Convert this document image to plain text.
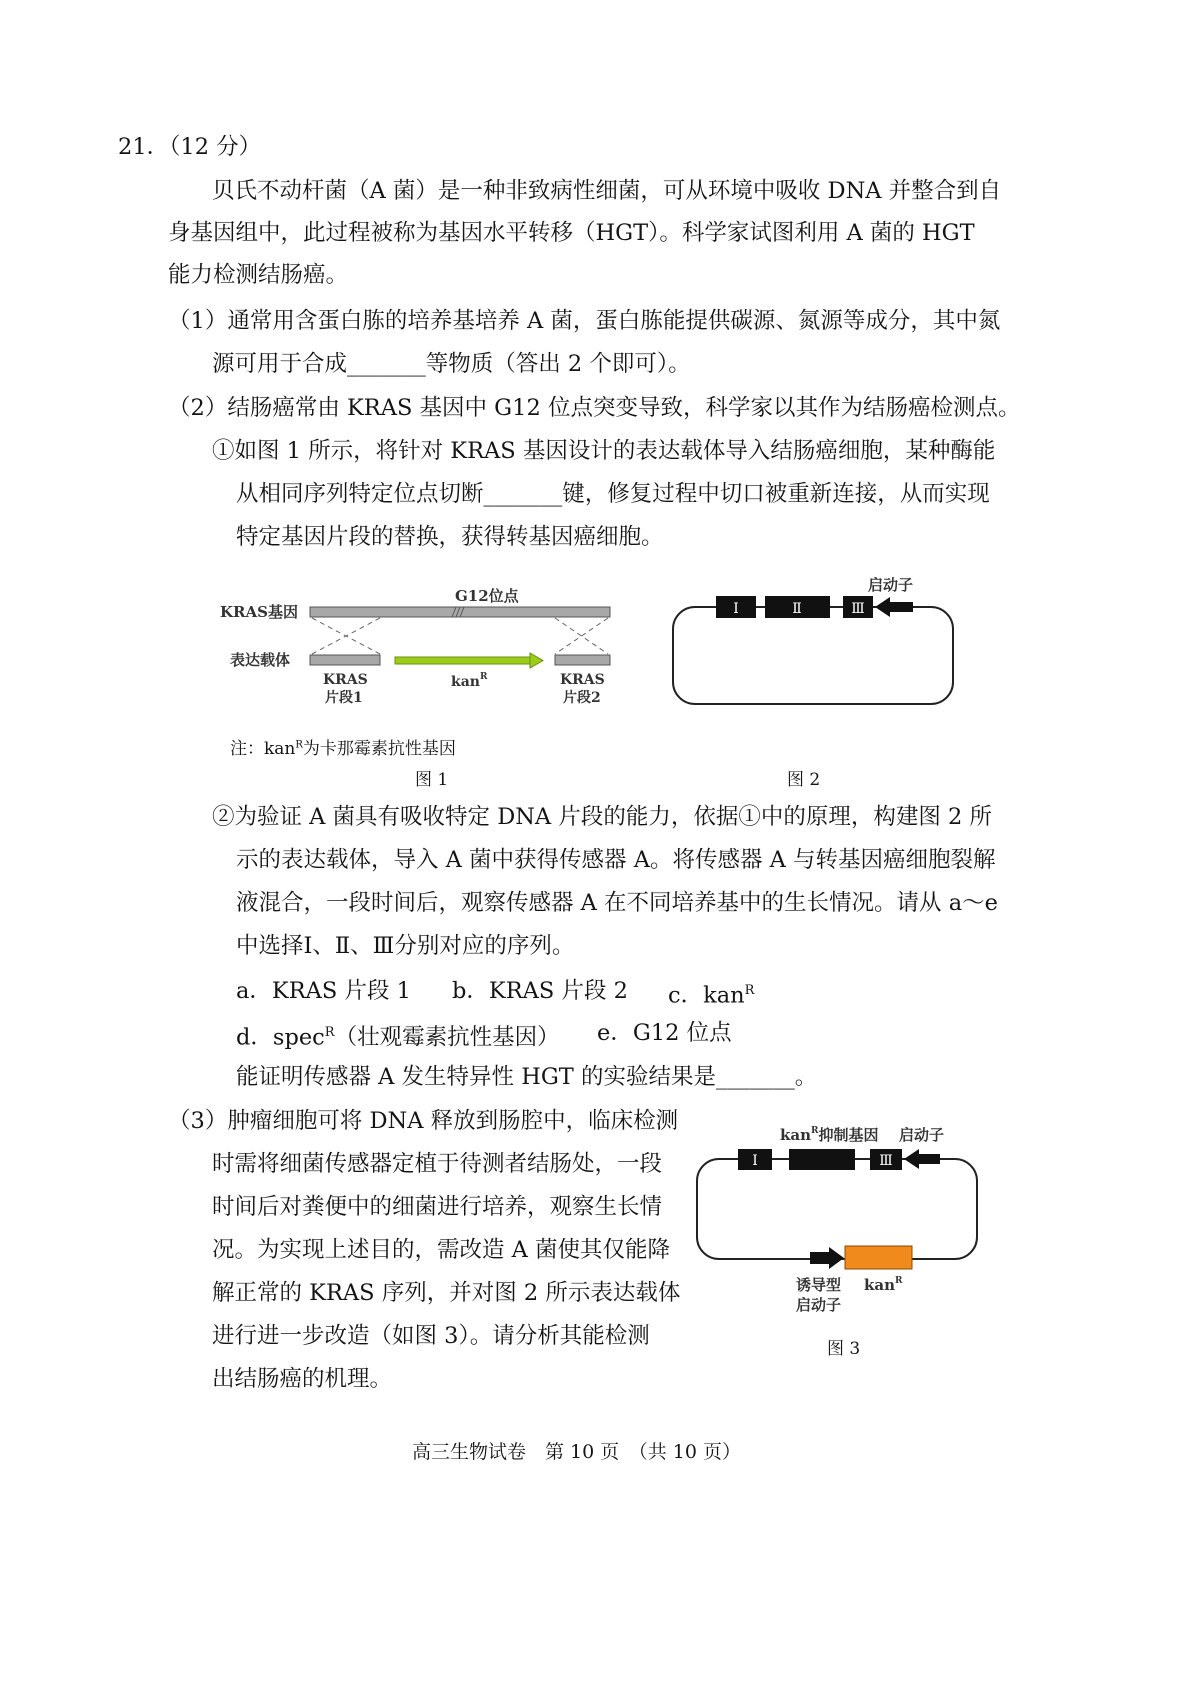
21．（12 分）
贝氏不动杆菌（A 菌）是一种非致病性细菌，可从环境中吸收 DNA 并整合到自
身基因组中，此过程被称为基因水平转移（HGT）。科学家试图利用 A 菌的 HGT
能力检测结肠癌。
（1）通常用含蛋白胨的培养基培养 A 菌，蛋白胨能提供碳源、氮源等成分，其中氮
源可用于合成_______等物质（答出 2 个即可）。
（2）结肠癌常由 KRAS 基因中 G12 位点突变导致，科学家以其作为结肠癌检测点。
①如图 1 所示，将针对 KRAS 基因设计的表达载体导入结肠癌细胞，某种酶能
从相同序列特定位点切断_______键，修复过程中切口被重新连接，从而实现
特定基因片段的替换，获得转基因癌细胞。
KRAS基因
G12位点
表达载体
KRAS
片段1
KRAS
片段2
kan$^R$
注：kan$^R$为卡那霉素抗性基因
图 1
Ⅰ	Ⅱ	Ⅲ
启动子
图 2
②为验证 A 菌具有吸收特定 DNA 片段的能力，依据①中的原理，构建图 2 所
示的表达载体，导入 A 菌中获得传感器 A。将传感器 A 与转基因癌细胞裂解
液混合，一段时间后，观察传感器 A 在不同培养基中的生长情况。请从 a～e
中选择Ⅰ、Ⅱ、Ⅲ分别对应的序列。
a．KRAS 片段 1 b．KRAS 片段 2 c．kan$^R$
d．spec$^R$（壮观霉素抗性基因） e．G12 位点
能证明传感器 A 发生特异性 HGT 的实验结果是_______。
（3）肿瘤细胞可将 DNA 释放到肠腔中，临床检测
时需将细菌传感器定植于待测者结肠处，一段
时间后对粪便中的细菌进行培养，观察生长情
况。为实现上述目的，需改造 A 菌使其仅能降
解正常的 KRAS 序列，并对图 2 所示表达载体
进行进一步改造（如图 3）。请分析其能检测
出结肠癌的机理。
Ⅰ	Ⅲ
kan$^R$抑制基因 启动子
诱导型
启动子
kan$^R$
图 3
高三生物试卷　第 10 页　（共 10 页）
